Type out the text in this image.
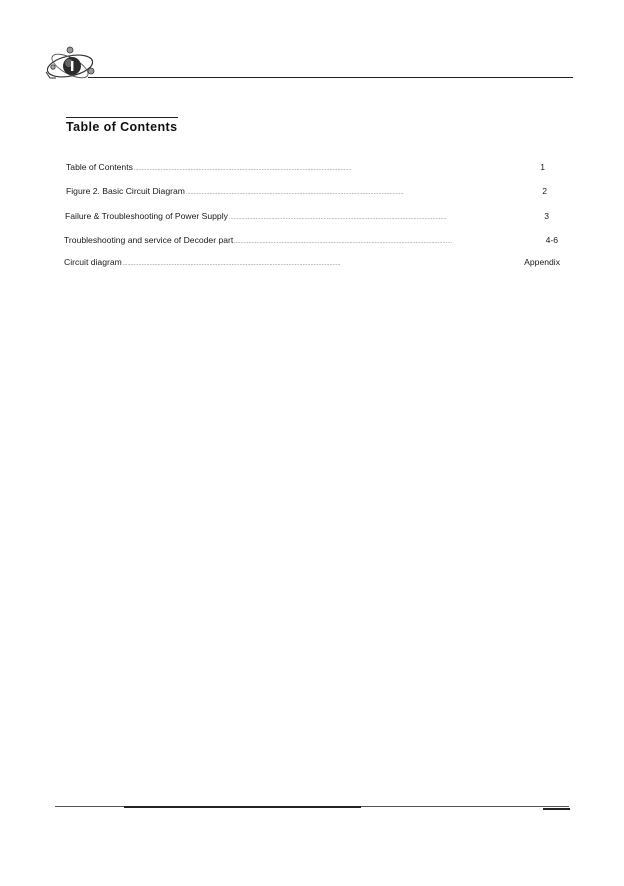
Table of Contents
Table of Contents . . .	1
Figure 2. Basic Circuit Diagram . . .	2
Failure & Troubleshooting of Power Supply . . .	3
Troubleshooting and service of Decoder part . . .	4-6
Circuit diagram . . .	Appendix
